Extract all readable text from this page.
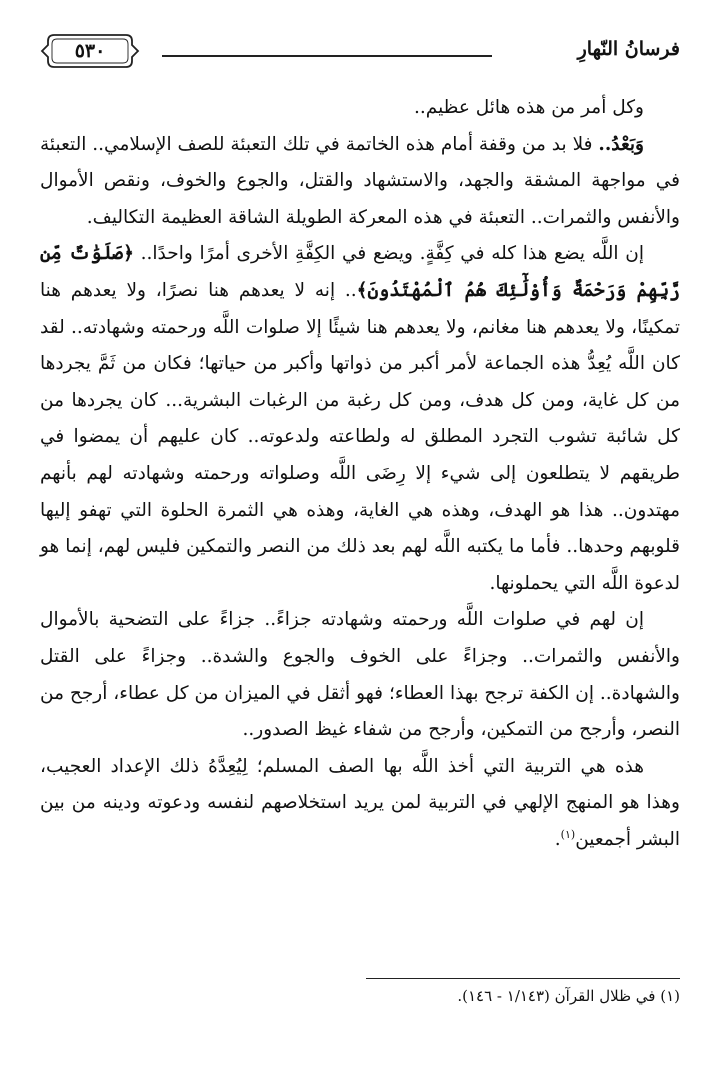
فرسانُ النّهارِ
٥٣٠

وكل أمر من هذه هائل عظيم..

وَبَعْدُ.. فلا بد من وقفة أمام هذه الخاتمة في تلك التعبئة للصف الإسلامي.. التعبئة في مواجهة المشقة والجهد، والاستشهاد والقتل، والجوع والخوف، ونقص الأموال والأنفس والثمرات.. التعبئة في هذه المعركة الطويلة الشاقة العظيمة التكاليف.

إن اللَّه يضع هذا كله في كِفَّةٍ. ويضع في الكِفَّةِ الأخرى أمرًا واحدًا.. ﴿صَلَوَٰتٌ مِّن رَّبِّهِمْ وَرَحْمَةٌ وَأُوْلَٰٓئِكَ هُمُ ٱلْمُهْتَدُونَ﴾.. إنه لا يعدهم هنا نصرًا، ولا يعدهم هنا تمكينًا، ولا يعدهم هنا مغانم، ولا يعدهم هنا شيئًا إلا صلوات اللَّه ورحمته وشهادته.. لقد كان اللَّه يُعِدُّ هذه الجماعة لأمر أكبر من ذواتها وأكبر من حياتها؛ فكان من ثَمَّ يجردها من كل غاية، ومن كل هدف، ومن كل رغبة من الرغبات البشرية... كان يجردها من كل شائبة تشوب التجرد المطلق له ولطاعته ولدعوته.. كان عليهم أن يمضوا في طريقهم لا يتطلعون إلى شيء إلا رِضَى اللَّه وصلواته ورحمته وشهادته لهم بأنهم مهتدون.. هذا هو الهدف، وهذه هي الغاية، وهذه هي الثمرة الحلوة التي تهفو إليها قلوبهم وحدها.. فأما ما يكتبه اللَّه لهم بعد ذلك من النصر والتمكين فليس لهم، إنما هو لدعوة اللَّه التي يحملونها.

إن لهم في صلوات اللَّه ورحمته وشهادته جزاءً.. جزاءً على التضحية بالأموال والأنفس والثمرات.. وجزاءً على الخوف والجوع والشدة.. وجزاءً على القتل والشهادة.. إن الكفة ترجح بهذا العطاء؛ فهو أثقل في الميزان من كل عطاء، أرجح من النصر، وأرجح من التمكين، وأرجح من شفاء غيظ الصدور..

هذه هي التربية التي أخذ اللَّه بها الصف المسلم؛ لِيُعِدَّهُ ذلك الإعداد العجيب، وهذا هو المنهج الإلهي في التربية لمن يريد استخلاصهم لنفسه ودعوته ودينه من بين البشر أجمعين$^{(١)}$.

(١) في ظلال القرآن (١/١٤٣ - ١٤٦).
